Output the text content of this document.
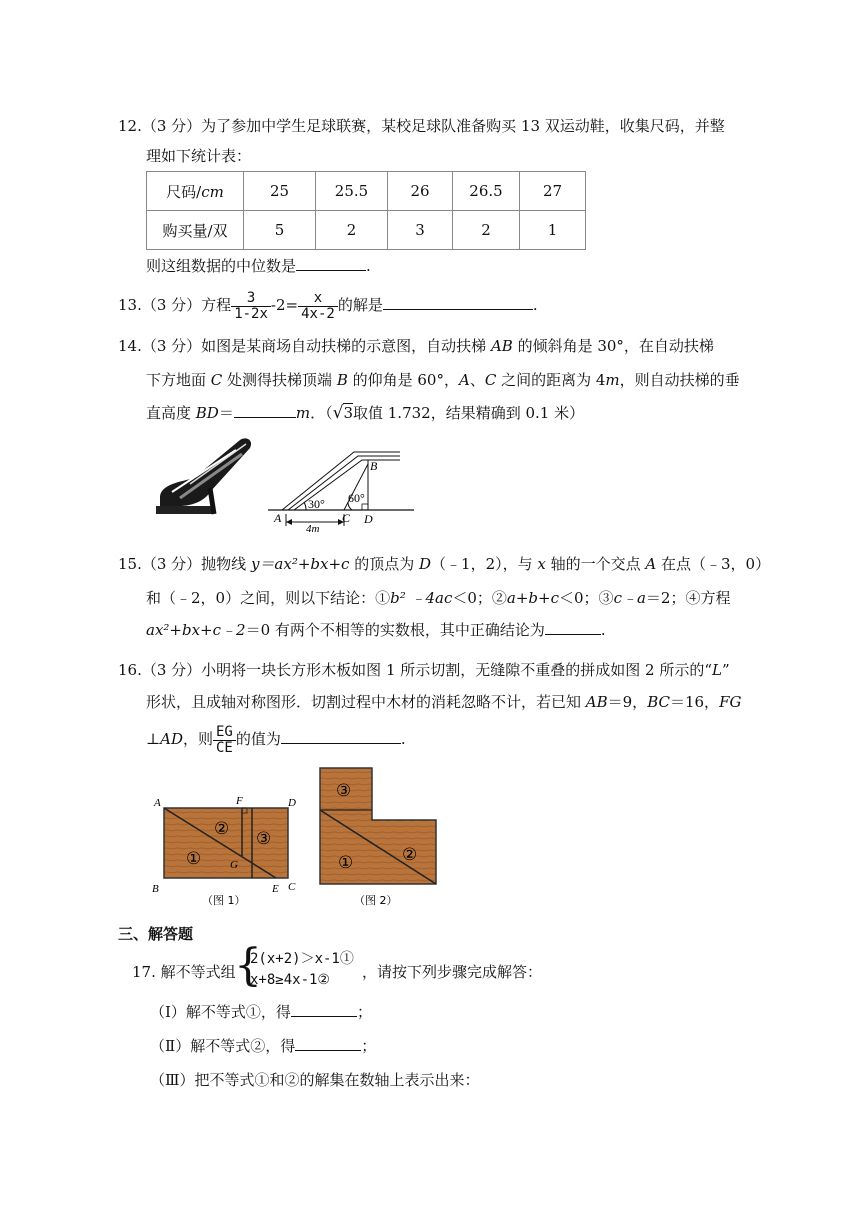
12.（3 分）为了参加中学生足球联赛，某校足球队准备购买 13 双运动鞋，收集尺码，并整
理如下统计表：
尺码/cm	25	25.5	26	26.5	27
购买量/双	5	2	3	2	1
则这组数据的中位数是	.
13.（3 分）方程 $\frac{3}{1-2x} -2= \frac{x}{4x-2}$ 的解是	.
14.（3 分）如图是某商场自动扶梯的示意图，自动扶梯 AB 的倾斜角是 30°，在自动扶梯
下方地面 C 处测得扶梯顶端 B 的仰角是 60°，A、C 之间的距离为 4m，则自动扶梯的垂
直高度 BD＝	m．（√3取值 1.732，结果精确到 0.1 米）
B
A	C D
30° 60°
4m
15.（3 分）抛物线 y＝ax²+bx+c 的顶点为 D（﹣1，2），与 x 轴的一个交点 A 在点（﹣3，0）
和（﹣2，0）之间，则以下结论：①b² ﹣4ac＜0；②a+b+c＜0；③c﹣a＝2；④方程
ax²+bx+c﹣2＝0 有两个不相等的实数根，其中正确结论为	.
16.（3 分）小明将一块长方形木板如图 1 所示切割，无缝隙不重叠的拼成如图 2 所示的“L”
形状，且成轴对称图形．切割过程中木材的消耗忽略不计，若已知 AB＝9，BC＝16，FG
⊥AD，则 $\frac{EG}{CE}$ 的值为	.
A	F	D
B
G
E C
①
② ③
（图 1）
③
①	②
（图 2）
三、解答题
17. 解不等式组
{
2(x+2)＞x-1①
x+8≥4x-1② ，请按下列步骤完成解答：
（Ⅰ）解不等式①，得	；
（Ⅱ）解不等式②，得	；
（Ⅲ）把不等式①和②的解集在数轴上表示出来：
